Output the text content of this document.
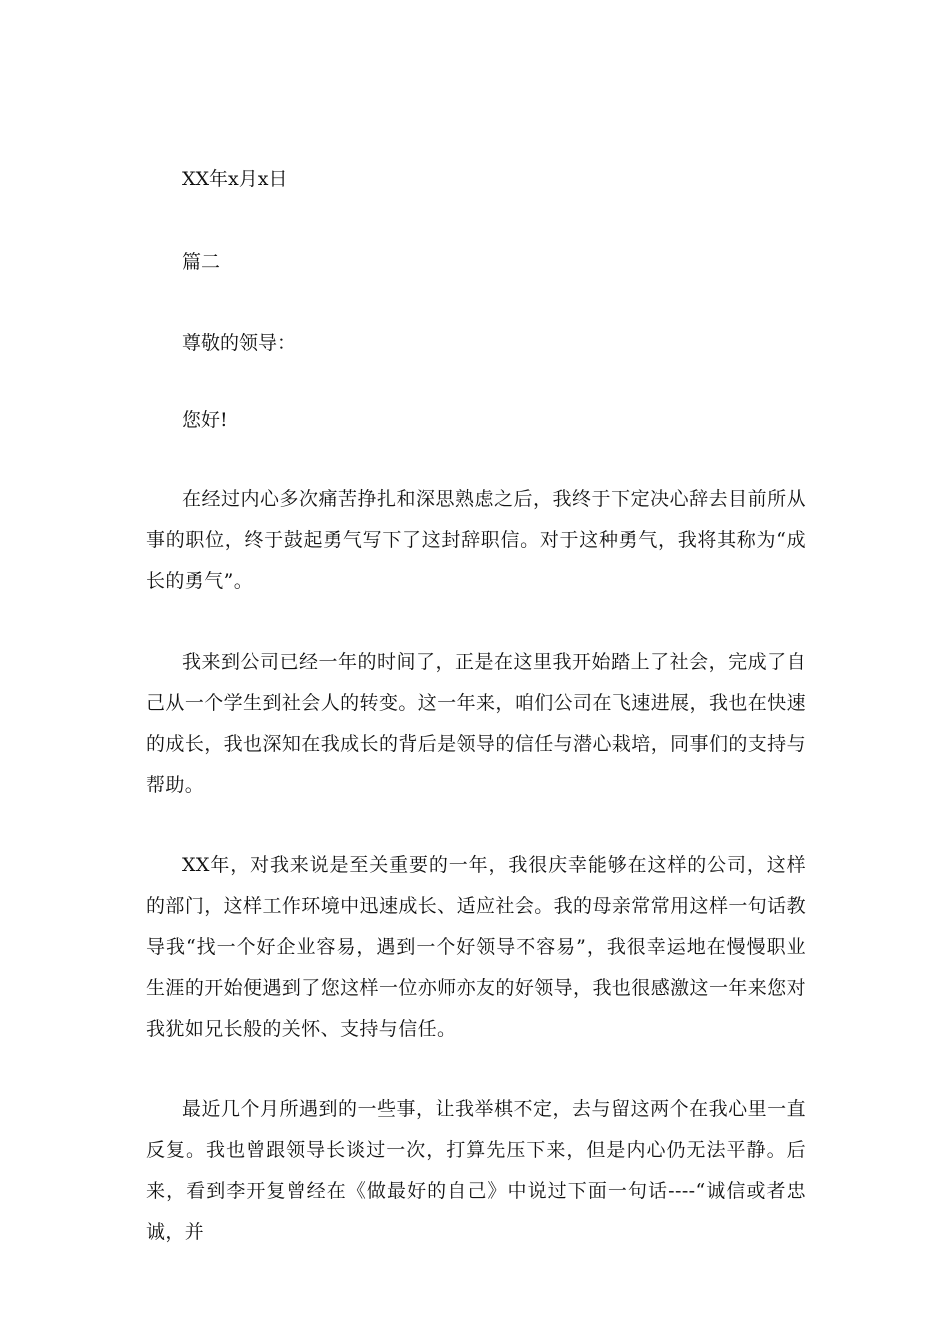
XX年x月x日
篇二
尊敬的领导：
您好!

在经过内心多次痛苦挣扎和深思熟虑之后，我终于下定决心辞去目前所从事的职位，终于鼓起勇气写下了这封辞职信。对于这种勇气，我将其称为“成长的勇气”。

我来到公司已经一年的时间了，正是在这里我开始踏上了社会，完成了自己从一个学生到社会人的转变。这一年来，咱们公司在飞速进展，我也在快速的成长，我也深知在我成长的背后是领导的信任与潜心栽培，同事们的支持与帮助。

XX年，对我来说是至关重要的一年，我很庆幸能够在这样的公司，这样的部门，这样工作环境中迅速成长、适应社会。我的母亲常常用这样一句话教导我“找一个好企业容易，遇到一个好领导不容易”，我很幸运地在慢慢职业生涯的开始便遇到了您这样一位亦师亦友的好领导，我也很感激这一年来您对我犹如兄长般的关怀、支持与信任。

最近几个月所遇到的一些事，让我举棋不定，去与留这两个在我心里一直反复。我也曾跟领导长谈过一次，打算先压下来，但是内心仍无法平静。后来，看到李开复曾经在《做最好的自己》中说过下面一句话----“诚信或者忠诚，并
